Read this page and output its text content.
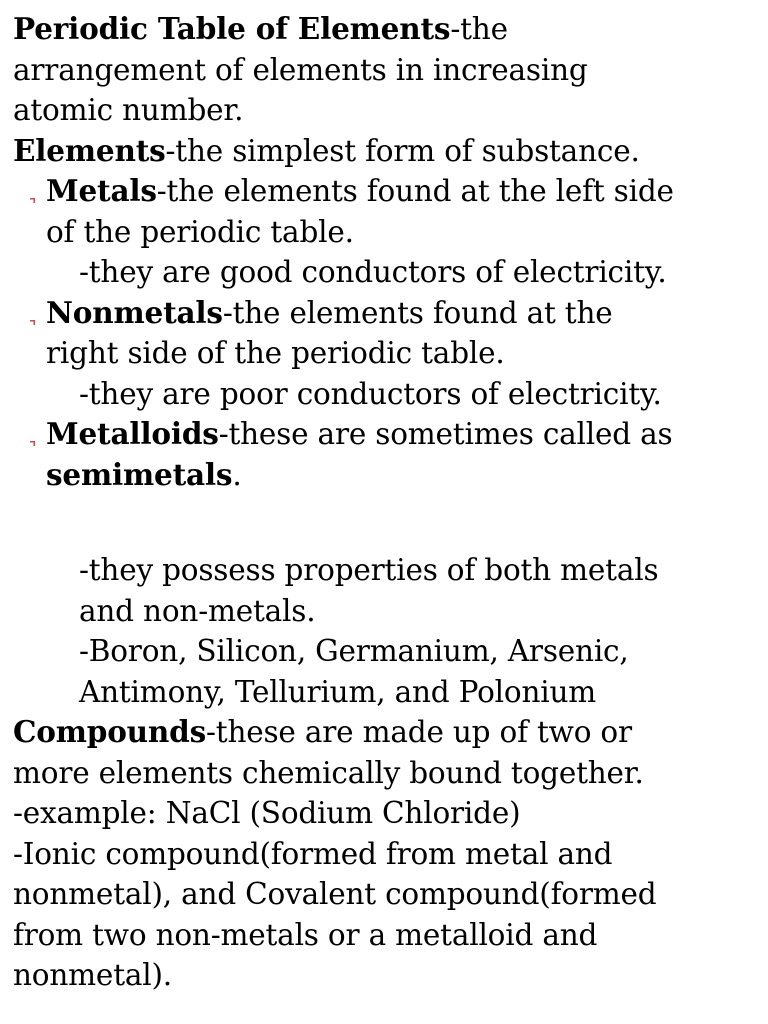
Periodic Table of Elements-the
arrangement of elements in increasing
atomic number.
Elements-the simplest form of substance.
Metals-the elements found at the left side
of the periodic table.
-they are good conductors of electricity.
Nonmetals-the elements found at the
right side of the periodic table.
-they are poor conductors of electricity.
Metalloids-these are sometimes called as
semimetals.
-they possess properties of both metals
and non-metals.
-Boron, Silicon, Germanium, Arsenic,
Antimony, Tellurium, and Polonium
Compounds-these are made up of two or
more elements chemically bound together.
-example: NaCl (Sodium Chloride)
-Ionic compound(formed from metal and
nonmetal), and Covalent compound(formed
from two non-metals or a metalloid and
nonmetal).
